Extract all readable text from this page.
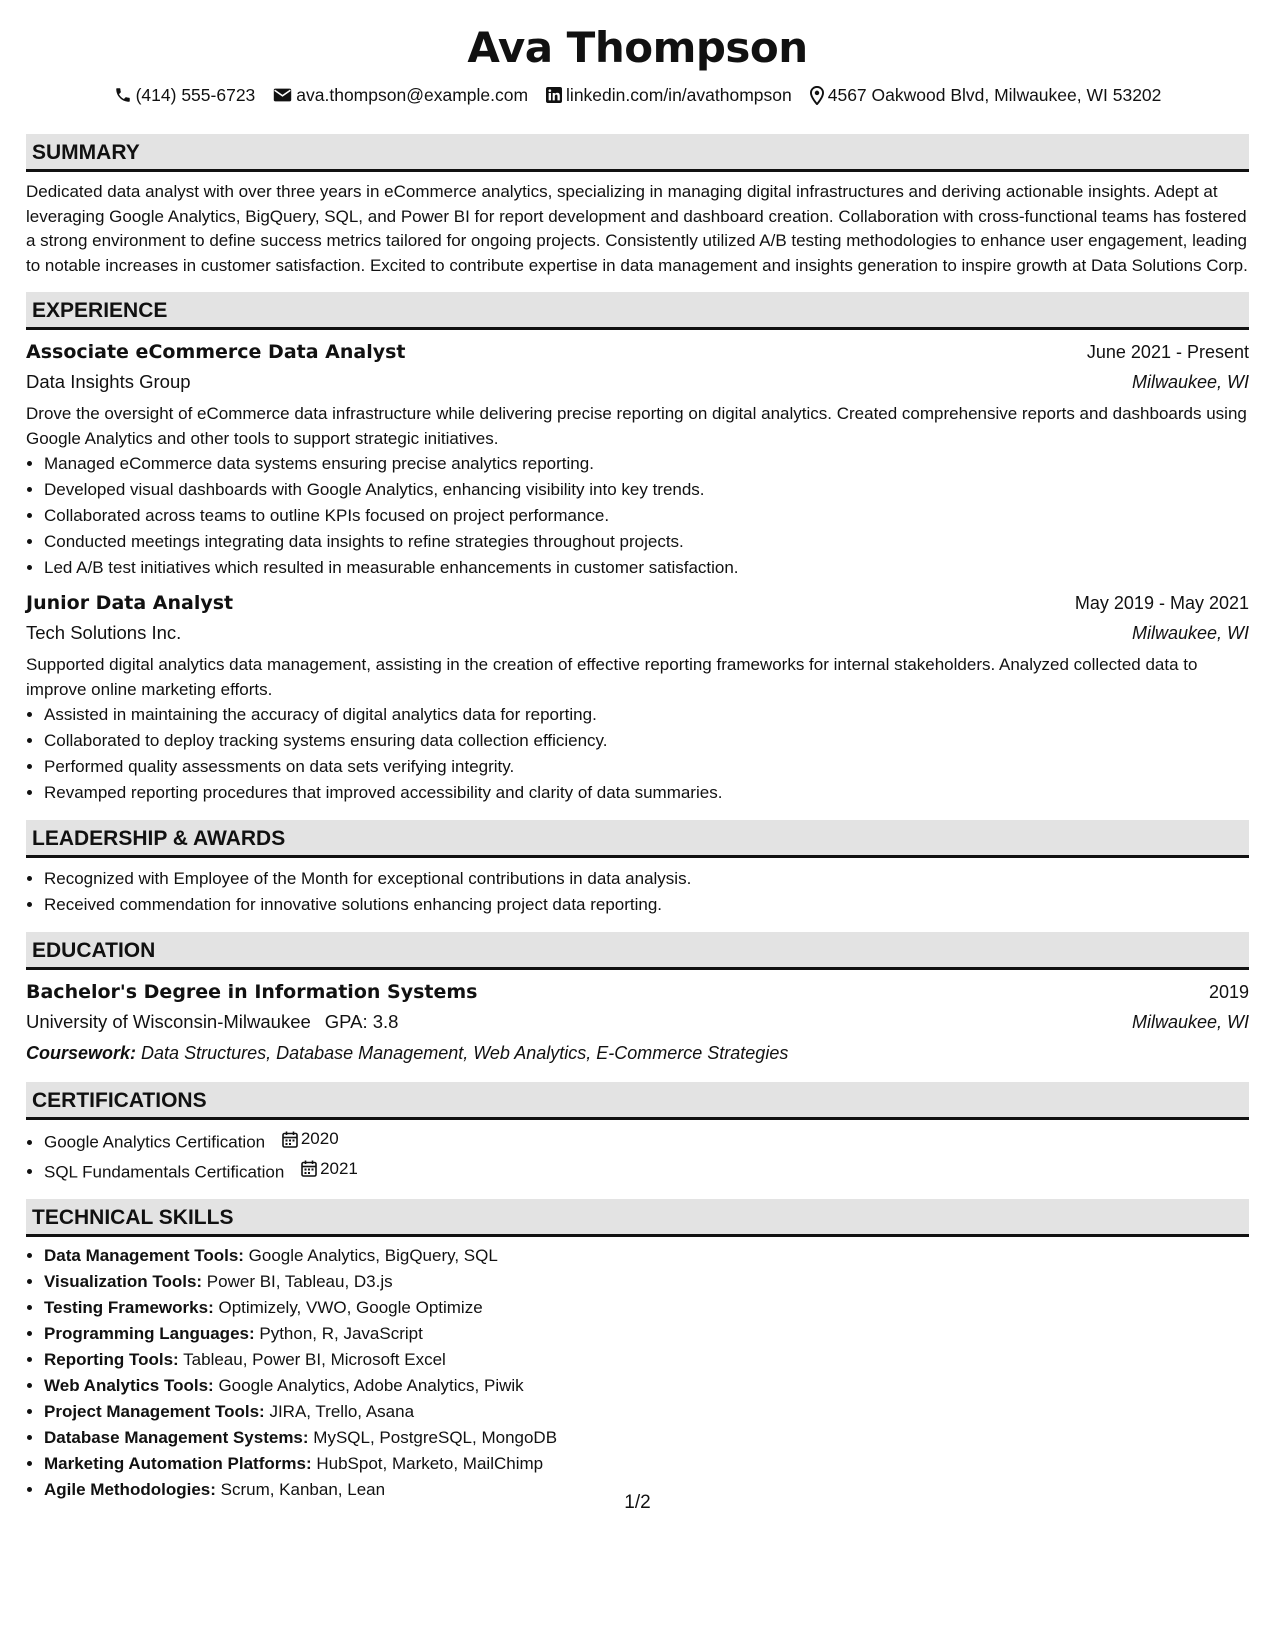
Ava Thompson
(414) 555-6723 ava.thompson@example.com linkedin.com/in/avathompson 4567 Oakwood Blvd, Milwaukee, WI 53202
SUMMARY

Dedicated data analyst with over three years in eCommerce analytics, specializing in managing digital infrastructures and deriving actionable insights. Adept at leveraging Google Analytics, BigQuery, SQL, and Power BI for report development and dashboard creation. Collaboration with cross-functional teams has fostered a strong environment to define success metrics tailored for ongoing projects. Consistently utilized A/B testing methodologies to enhance user engagement, leading to notable increases in customer satisfaction. Excited to contribute expertise in data management and insights generation to inspire growth at Data Solutions Corp.

EXPERIENCE
Associate eCommerce Data Analyst	June 2021 - Present
Data Insights Group	Milwaukee, WI

Drove the oversight of eCommerce data infrastructure while delivering precise reporting on digital analytics. Created comprehensive reports and dashboards using Google Analytics and other tools to support strategic initiatives.

• Managed eCommerce data systems ensuring precise analytics reporting.
• Developed visual dashboards with Google Analytics, enhancing visibility into key trends.
• Collaborated across teams to outline KPIs focused on project performance.
• Conducted meetings integrating data insights to refine strategies throughout projects.
• Led A/B test initiatives which resulted in measurable enhancements in customer satisfaction.
Junior Data Analyst	May 2019 - May 2021
Tech Solutions Inc.	Milwaukee, WI

Supported digital analytics data management, assisting in the creation of effective reporting frameworks for internal stakeholders. Analyzed collected data to improve online marketing efforts.

• Assisted in maintaining the accuracy of digital analytics data for reporting.
• Collaborated to deploy tracking systems ensuring data collection efficiency.
• Performed quality assessments on data sets verifying integrity.
• Revamped reporting procedures that improved accessibility and clarity of data summaries.
LEADERSHIP & AWARDS
• Recognized with Employee of the Month for exceptional contributions in data analysis.
• Received commendation for innovative solutions enhancing project data reporting.
EDUCATION
Bachelor's Degree in Information Systems	2019
University of Wisconsin-Milwaukee GPA: 3.8	Milwaukee, WI
Coursework: Data Structures, Database Management, Web Analytics, E-Commerce Strategies
CERTIFICATIONS
• Google Analytics Certification 2020
• SQL Fundamentals Certification 2021
TECHNICAL SKILLS
• Data Management Tools: Google Analytics, BigQuery, SQL
• Visualization Tools: Power BI, Tableau, D3.js
• Testing Frameworks: Optimizely, VWO, Google Optimize
• Programming Languages: Python, R, JavaScript
• Reporting Tools: Tableau, Power BI, Microsoft Excel
• Web Analytics Tools: Google Analytics, Adobe Analytics, Piwik
• Project Management Tools: JIRA, Trello, Asana
• Database Management Systems: MySQL, PostgreSQL, MongoDB
• Marketing Automation Platforms: HubSpot, Marketo, MailChimp
• Agile Methodologies: Scrum, Kanban, Lean
1/2
